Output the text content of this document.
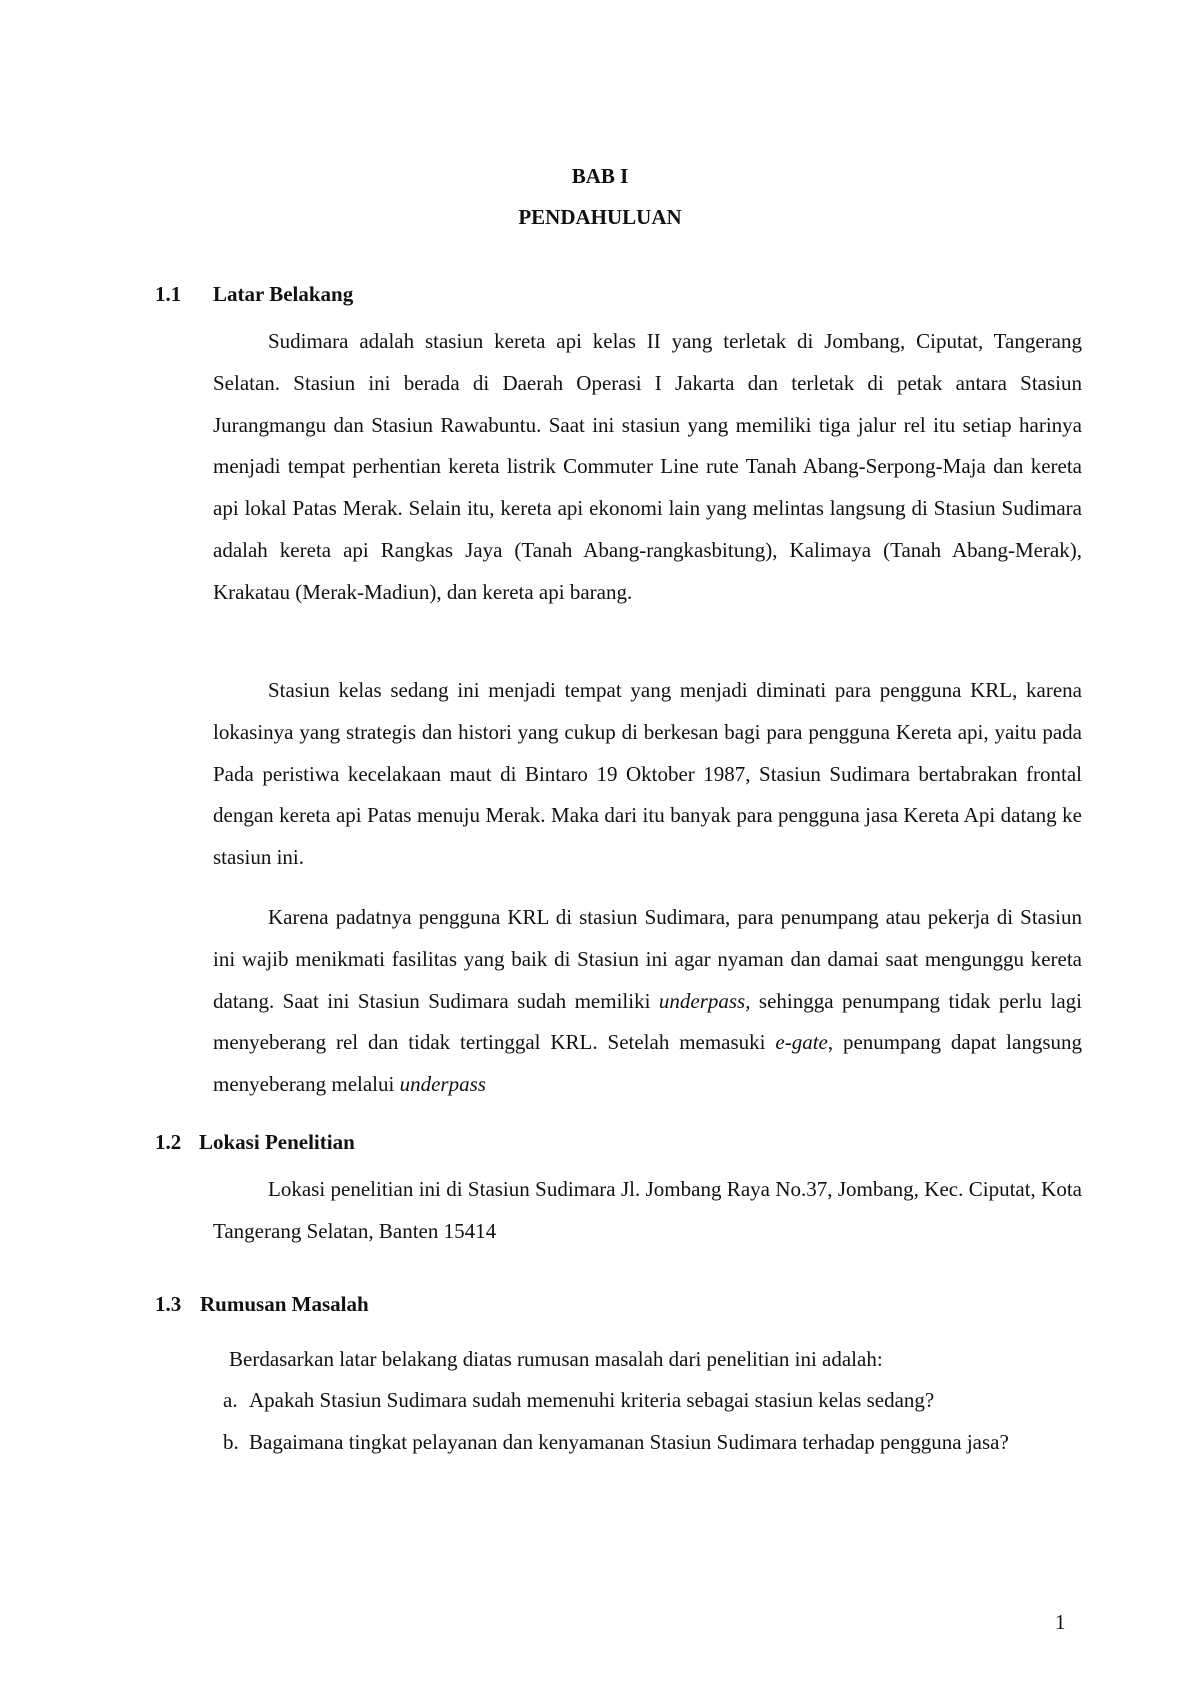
BAB I
PENDAHULUAN
1.1 Latar Belakang

Sudimara adalah stasiun kereta api kelas II yang terletak di Jombang, Ciputat, Tangerang Selatan. Stasiun ini berada di Daerah Operasi I Jakarta dan terletak di petak antara Stasiun Jurangmangu dan Stasiun Rawabuntu. Saat ini stasiun yang memiliki tiga jalur rel itu setiap harinya menjadi tempat perhentian kereta listrik Commuter Line rute Tanah Abang-Serpong-Maja dan kereta api lokal Patas Merak. Selain itu, kereta api ekonomi lain yang melintas langsung di Stasiun Sudimara adalah kereta api Rangkas Jaya (Tanah Abang-rangkasbitung), Kalimaya (Tanah Abang-Merak), Krakatau (Merak-Madiun), dan kereta api barang.

Stasiun kelas sedang ini menjadi tempat yang menjadi diminati para pengguna KRL, karena lokasinya yang strategis dan histori yang cukup di berkesan bagi para pengguna Kereta api, yaitu pada Pada peristiwa kecelakaan maut di Bintaro 19 Oktober 1987, Stasiun Sudimara bertabrakan frontal dengan kereta api Patas menuju Merak. Maka dari itu banyak para pengguna jasa Kereta Api datang ke stasiun ini.

Karena padatnya pengguna KRL di stasiun Sudimara, para penumpang atau pekerja di Stasiun ini wajib menikmati fasilitas yang baik di Stasiun ini agar nyaman dan damai saat mengunggu kereta datang. Saat ini Stasiun Sudimara sudah memiliki underpass, sehingga penumpang tidak perlu lagi menyeberang rel dan tidak tertinggal KRL. Setelah memasuki e-gate, penumpang dapat langsung menyeberang melalui underpass

1.2 Lokasi Penelitian

Lokasi penelitian ini di Stasiun Sudimara Jl. Jombang Raya No.37, Jombang, Kec. Ciputat, Kota Tangerang Selatan, Banten 15414

1.3 Rumusan Masalah
Berdasarkan latar belakang diatas rumusan masalah dari penelitian ini adalah:
a. Apakah Stasiun Sudimara sudah memenuhi kriteria sebagai stasiun kelas sedang?
b. Bagaimana tingkat pelayanan dan kenyamanan Stasiun Sudimara terhadap pengguna jasa?
1
